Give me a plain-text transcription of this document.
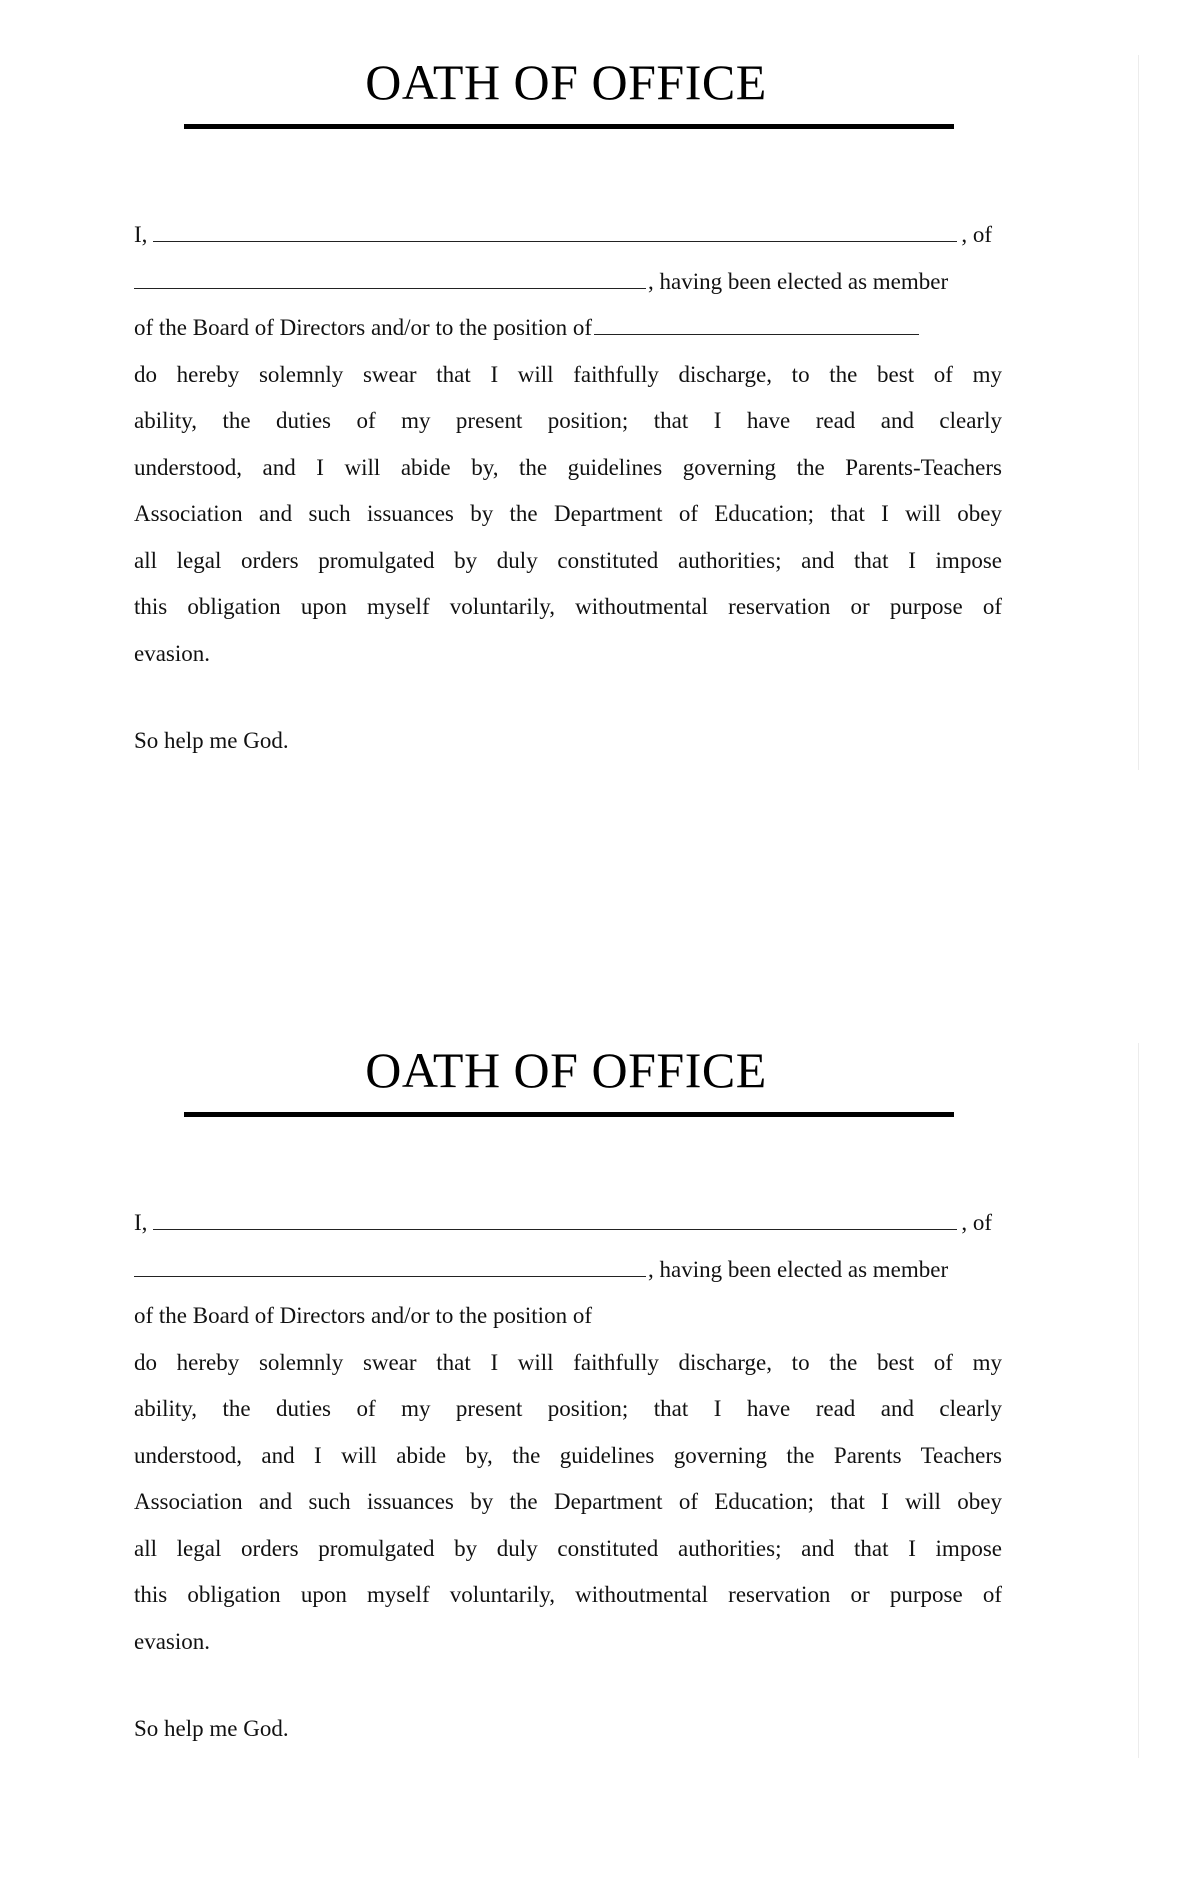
OATH OF OFFICE
I,	, of
, having been elected as member
of the Board of Directors and/or to the position of
do hereby solemnly swear that I will faithfully discharge, to the best of my
ability, the duties of my present position; that I have read and clearly
understood, and I will abide by, the guidelines governing the Parents-Teachers
Association and such issuances by the Department of Education; that I will obey
all legal orders promulgated by duly constituted authorities; and that I impose
this obligation upon myself voluntarily, withoutmental reservation or purpose of
evasion.
So help me God.
OATH OF OFFICE
I,	, of
, having been elected as member
of the Board of Directors and/or to the position of
do hereby solemnly swear that I will faithfully discharge, to the best of my
ability, the duties of my present position; that I have read and clearly
understood, and I will abide by, the guidelines governing the Parents Teachers
Association and such issuances by the Department of Education; that I will obey
all legal orders promulgated by duly constituted authorities; and that I impose
this obligation upon myself voluntarily, withoutmental reservation or purpose of
evasion.
So help me God.
